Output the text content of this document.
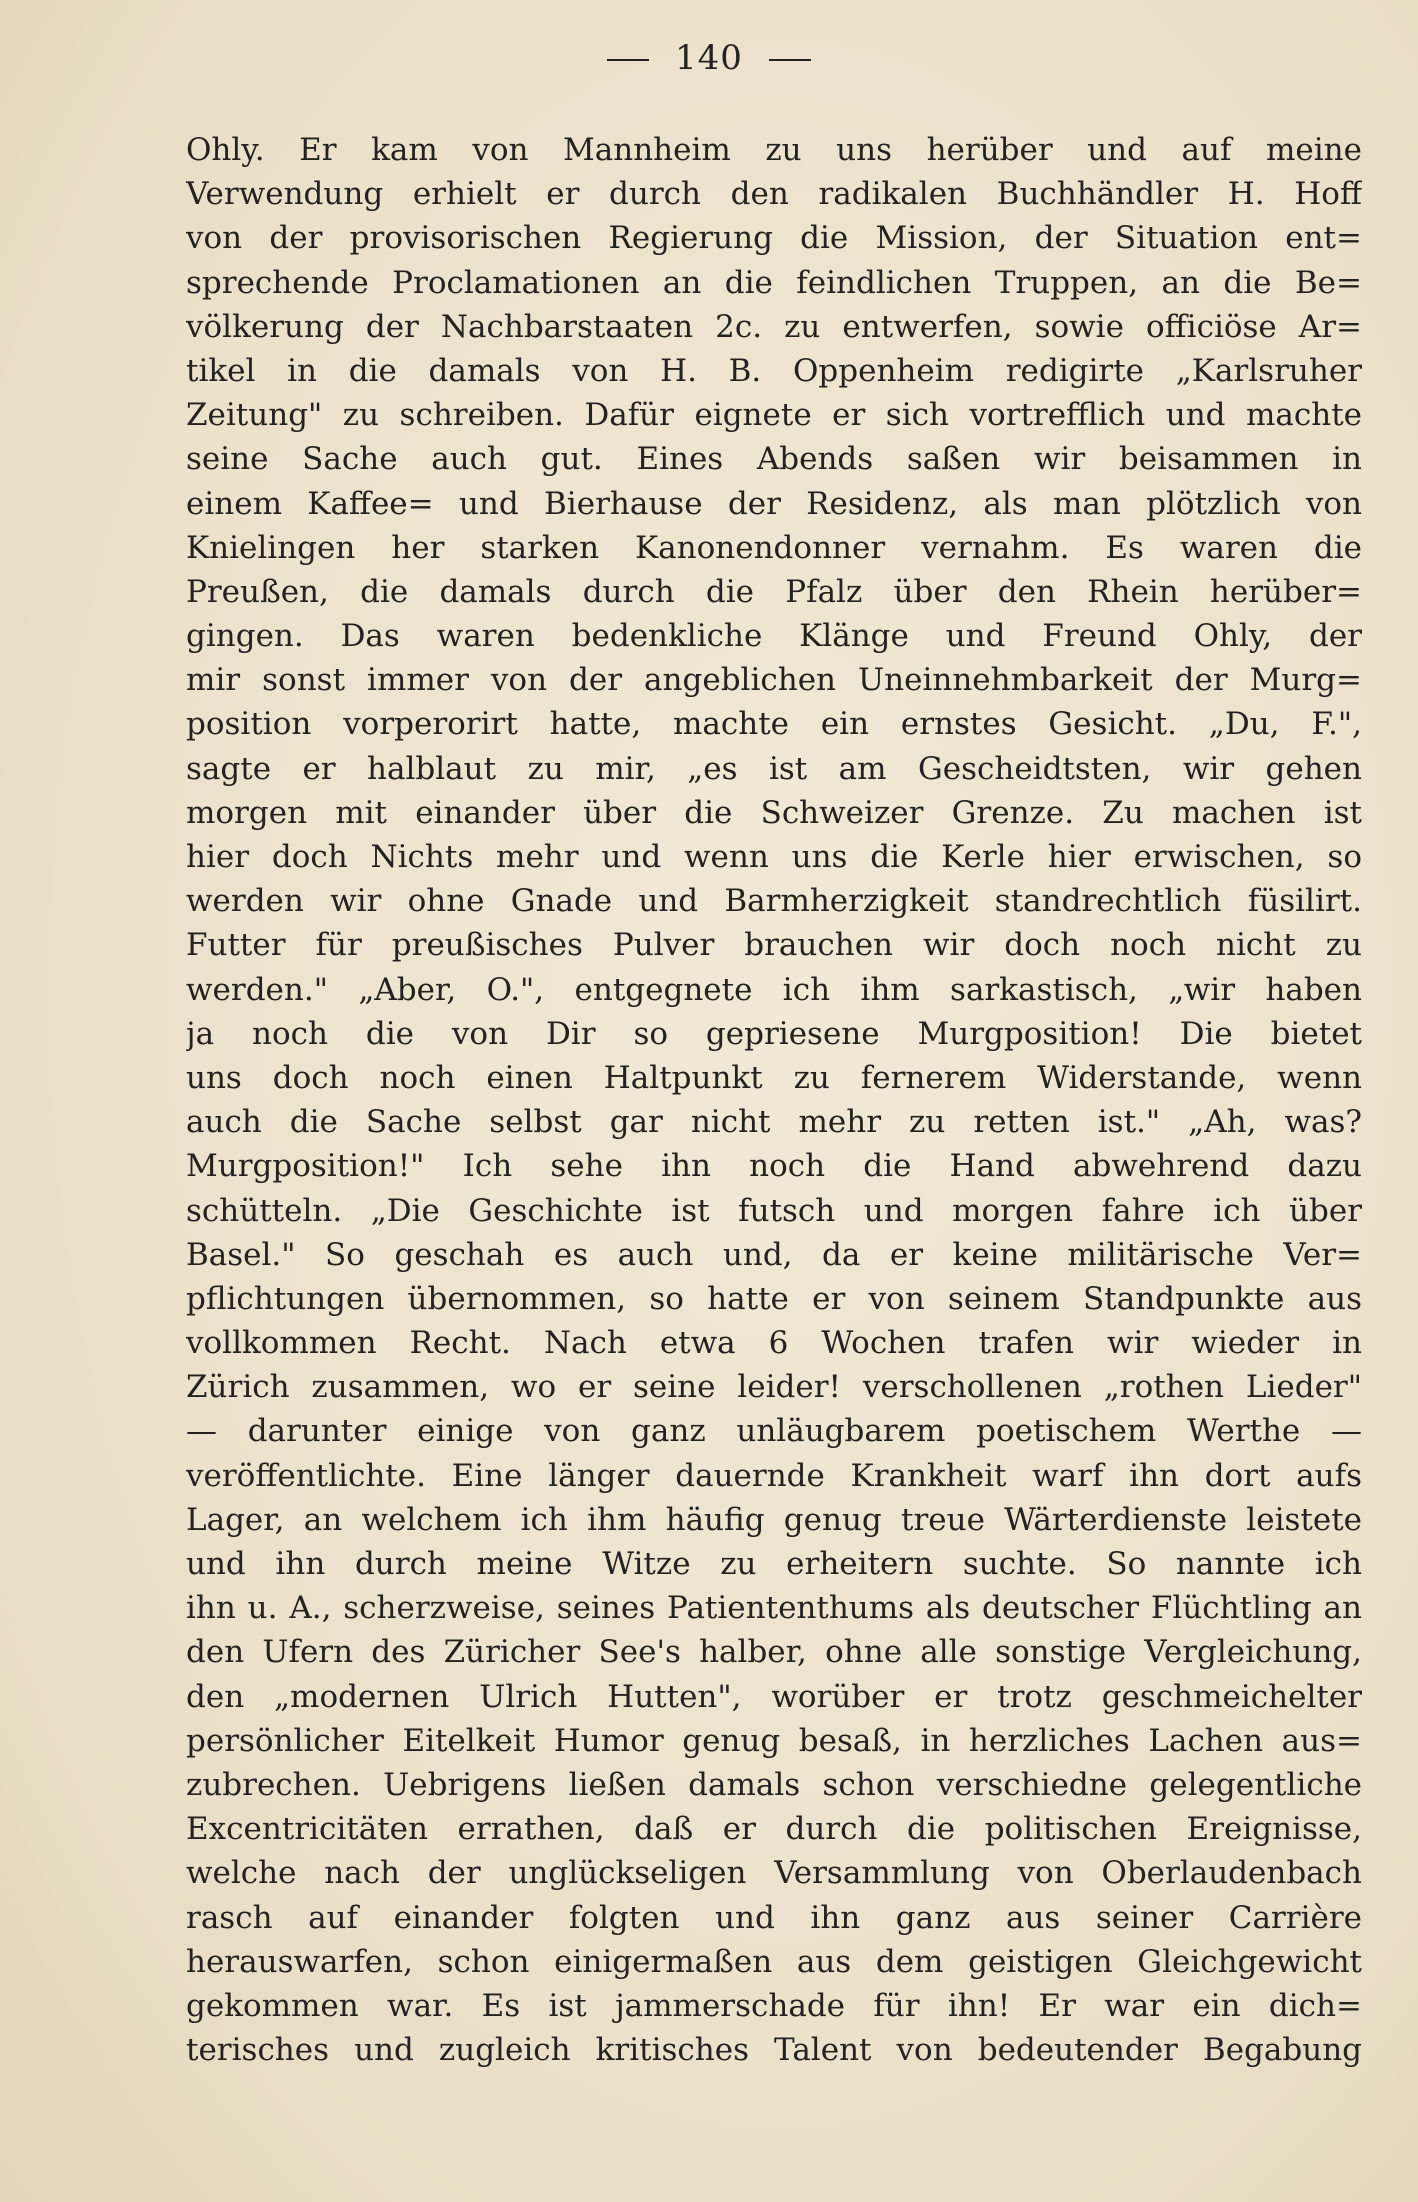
140
Ohly. Er kam von Mannheim zu uns herüber und auf meine
Verwendung erhielt er durch den radikalen Buchhändler H. Hoff
von der provisorischen Regierung die Mission, der Situation ent=
sprechende Proclamationen an die feindlichen Truppen, an die Be=
völkerung der Nachbarstaaten 2c. zu entwerfen, sowie officiöse Ar=
tikel in die damals von H. B. Oppenheim redigirte „Karlsruher
Zeitung" zu schreiben. Dafür eignete er sich vortrefflich und machte
seine Sache auch gut. Eines Abends saßen wir beisammen in
einem Kaffee= und Bierhause der Residenz, als man plötzlich von
Knielingen her starken Kanonendonner vernahm. Es waren die
Preußen, die damals durch die Pfalz über den Rhein herüber=
gingen. Das waren bedenkliche Klänge und Freund Ohly, der
mir sonst immer von der angeblichen Uneinnehmbarkeit der Murg=
position vorperorirt hatte, machte ein ernstes Gesicht. „Du, F.",
sagte er halblaut zu mir, „es ist am Gescheidtsten, wir gehen
morgen mit einander über die Schweizer Grenze. Zu machen ist
hier doch Nichts mehr und wenn uns die Kerle hier erwischen, so
werden wir ohne Gnade und Barmherzigkeit standrechtlich füsilirt.
Futter für preußisches Pulver brauchen wir doch noch nicht zu
werden." „Aber, O.", entgegnete ich ihm sarkastisch, „wir haben
ja noch die von Dir so gepriesene Murgposition! Die bietet
uns doch noch einen Haltpunkt zu fernerem Widerstande, wenn
auch die Sache selbst gar nicht mehr zu retten ist." „Ah, was?
Murgposition!" Ich sehe ihn noch die Hand abwehrend dazu
schütteln. „Die Geschichte ist futsch und morgen fahre ich über
Basel." So geschah es auch und, da er keine militärische Ver=
pflichtungen übernommen, so hatte er von seinem Standpunkte aus
vollkommen Recht. Nach etwa 6 Wochen trafen wir wieder in
Zürich zusammen, wo er seine leider! verschollenen „rothen Lieder"
— darunter einige von ganz unläugbarem poetischem Werthe —
veröffentlichte. Eine länger dauernde Krankheit warf ihn dort aufs
Lager, an welchem ich ihm häufig genug treue Wärterdienste leistete
und ihn durch meine Witze zu erheitern suchte. So nannte ich
ihn u. A., scherzweise, seines Patiententhums als deutscher Flüchtling an
den Ufern des Züricher See's halber, ohne alle sonstige Vergleichung,
den „modernen Ulrich Hutten", worüber er trotz geschmeichelter
persönlicher Eitelkeit Humor genug besaß, in herzliches Lachen aus=
zubrechen. Uebrigens ließen damals schon verschiedne gelegentliche
Excentricitäten errathen, daß er durch die politischen Ereignisse,
welche nach der unglückseligen Versammlung von Oberlaudenbach
rasch auf einander folgten und ihn ganz aus seiner Carrière
herauswarfen, schon einigermaßen aus dem geistigen Gleichgewicht
gekommen war. Es ist jammerschade für ihn! Er war ein dich=
terisches und zugleich kritisches Talent von bedeutender Begabung
